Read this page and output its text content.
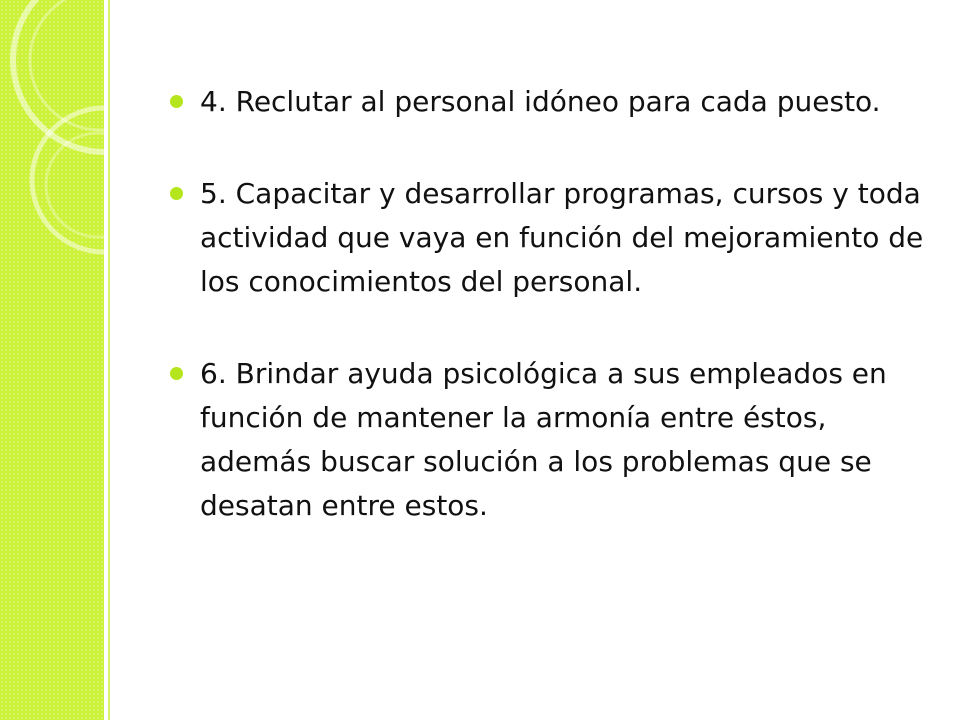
4. Reclutar al personal idóneo para cada puesto.
5. Capacitar y desarrollar programas, cursos y toda actividad que vaya en función del mejoramiento de los conocimientos del personal.
6. Brindar ayuda psicológica a sus empleados en función de mantener la armonía entre éstos, además buscar solución a los problemas que se desatan entre estos.
